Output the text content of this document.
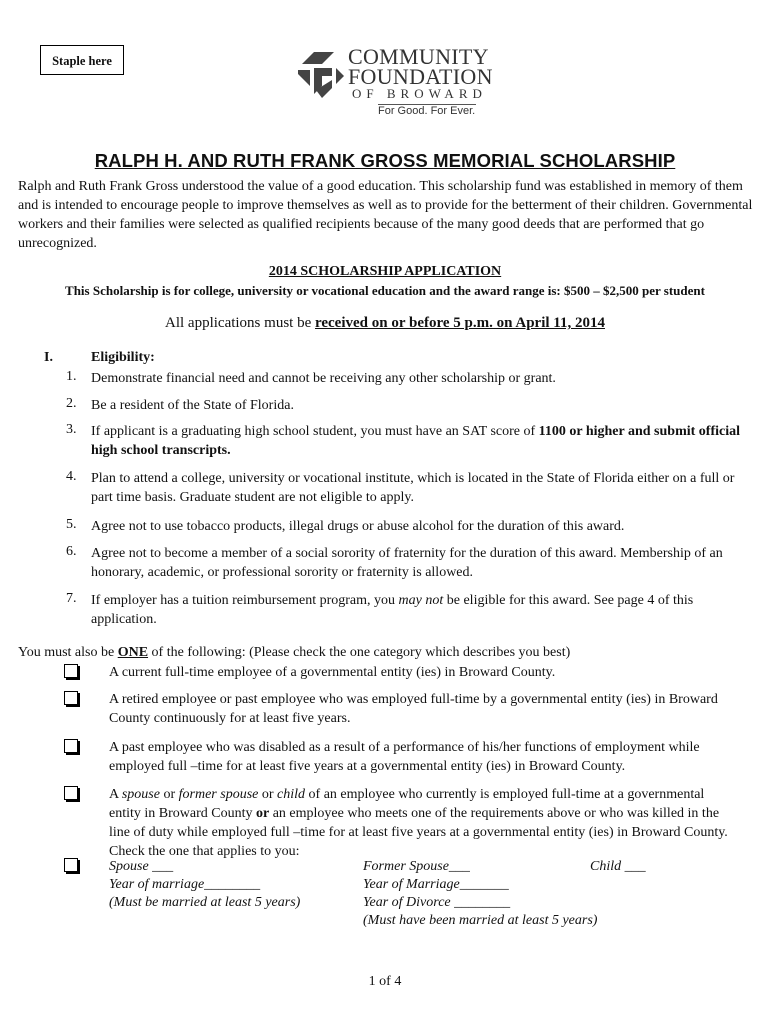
Staple here	COMMUNITY
FOUNDATION
OF BROWARD
For Good. For Ever.
RALPH H. AND RUTH FRANK GROSS MEMORIAL SCHOLARSHIP
Ralph and Ruth Frank Gross understood the value of a good education. This scholarship fund was established in memory of them and is intended to encourage people to improve themselves as well as to provide for the betterment of their children. Governmental workers and their families were selected as qualified recipients because of the many good deeds that are performed that go unrecognized.
2014 SCHOLARSHIP APPLICATION
This Scholarship is for college, university or vocational education and the award range is: $500 – $2,500 per student
All applications must be received on or before 5 p.m. on April 11, 2014
I.	Eligibility:
1. Demonstrate financial need and cannot be receiving any other scholarship or grant.
2. Be a resident of the State of Florida.
3. If applicant is a graduating high school student, you must have an SAT score of 1100 or higher and submit official high school transcripts.
4. Plan to attend a college, university or vocational institute, which is located in the State of Florida either on a full or part time basis. Graduate student are not eligible to apply.
5. Agree not to use tobacco products, illegal drugs or abuse alcohol for the duration of this award.
6. Agree not to become a member of a social sorority of fraternity for the duration of this award. Membership of an honorary, academic, or professional sorority or fraternity is allowed.
7. If employer has a tuition reimbursement program, you may not be eligible for this award. See page 4 of this application.
You must also be ONE of the following: (Please check the one category which describes you best)
A current full-time employee of a governmental entity (ies) in Broward County.
A retired employee or past employee who was employed full-time by a governmental entity (ies) in Broward County continuously for at least five years.
A past employee who was disabled as a result of a performance of his/her functions of employment while employed full –time for at least five years at a governmental entity (ies) in Broward County.
A spouse or former spouse or child of an employee who currently is employed full-time at a governmental entity in Broward County or an employee who meets one of the requirements above or who was killed in the line of duty while employed full –time for at least five years at a governmental entity (ies) in Broward County. Check the one that applies to you:
Spouse ___
Year of marriage________
(Must be married at least 5 years)
Former Spouse___
Year of Marriage_______
Year of Divorce ________
(Must have been married at least 5 years)
Child ___
1 of 4
